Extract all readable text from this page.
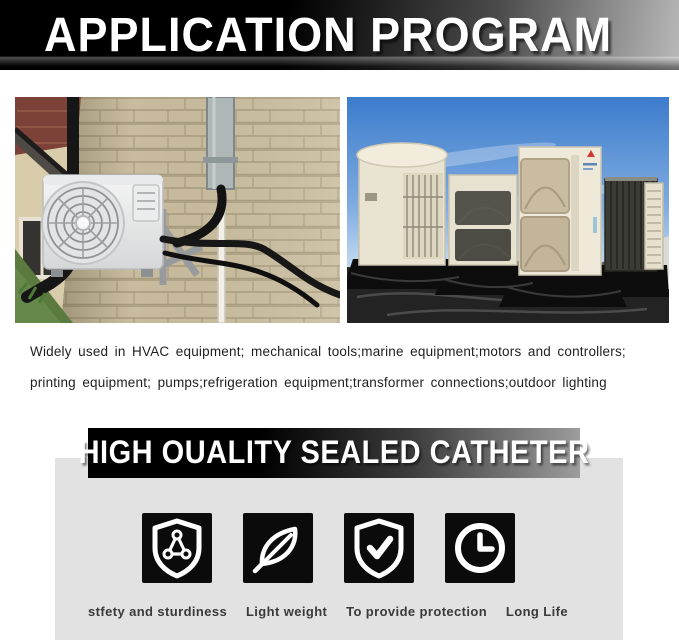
APPLICATION PROGRAM
Widely used in HVAC equipment; mechanical tools;marine equipment;motors and controllers;
printing equipment; pumps;refrigeration equipment;transformer connections;outdoor lighting
HIGH OUALITY SEALED CATHETER
stfety and sturdiness Light weight To provide protection Long Life
